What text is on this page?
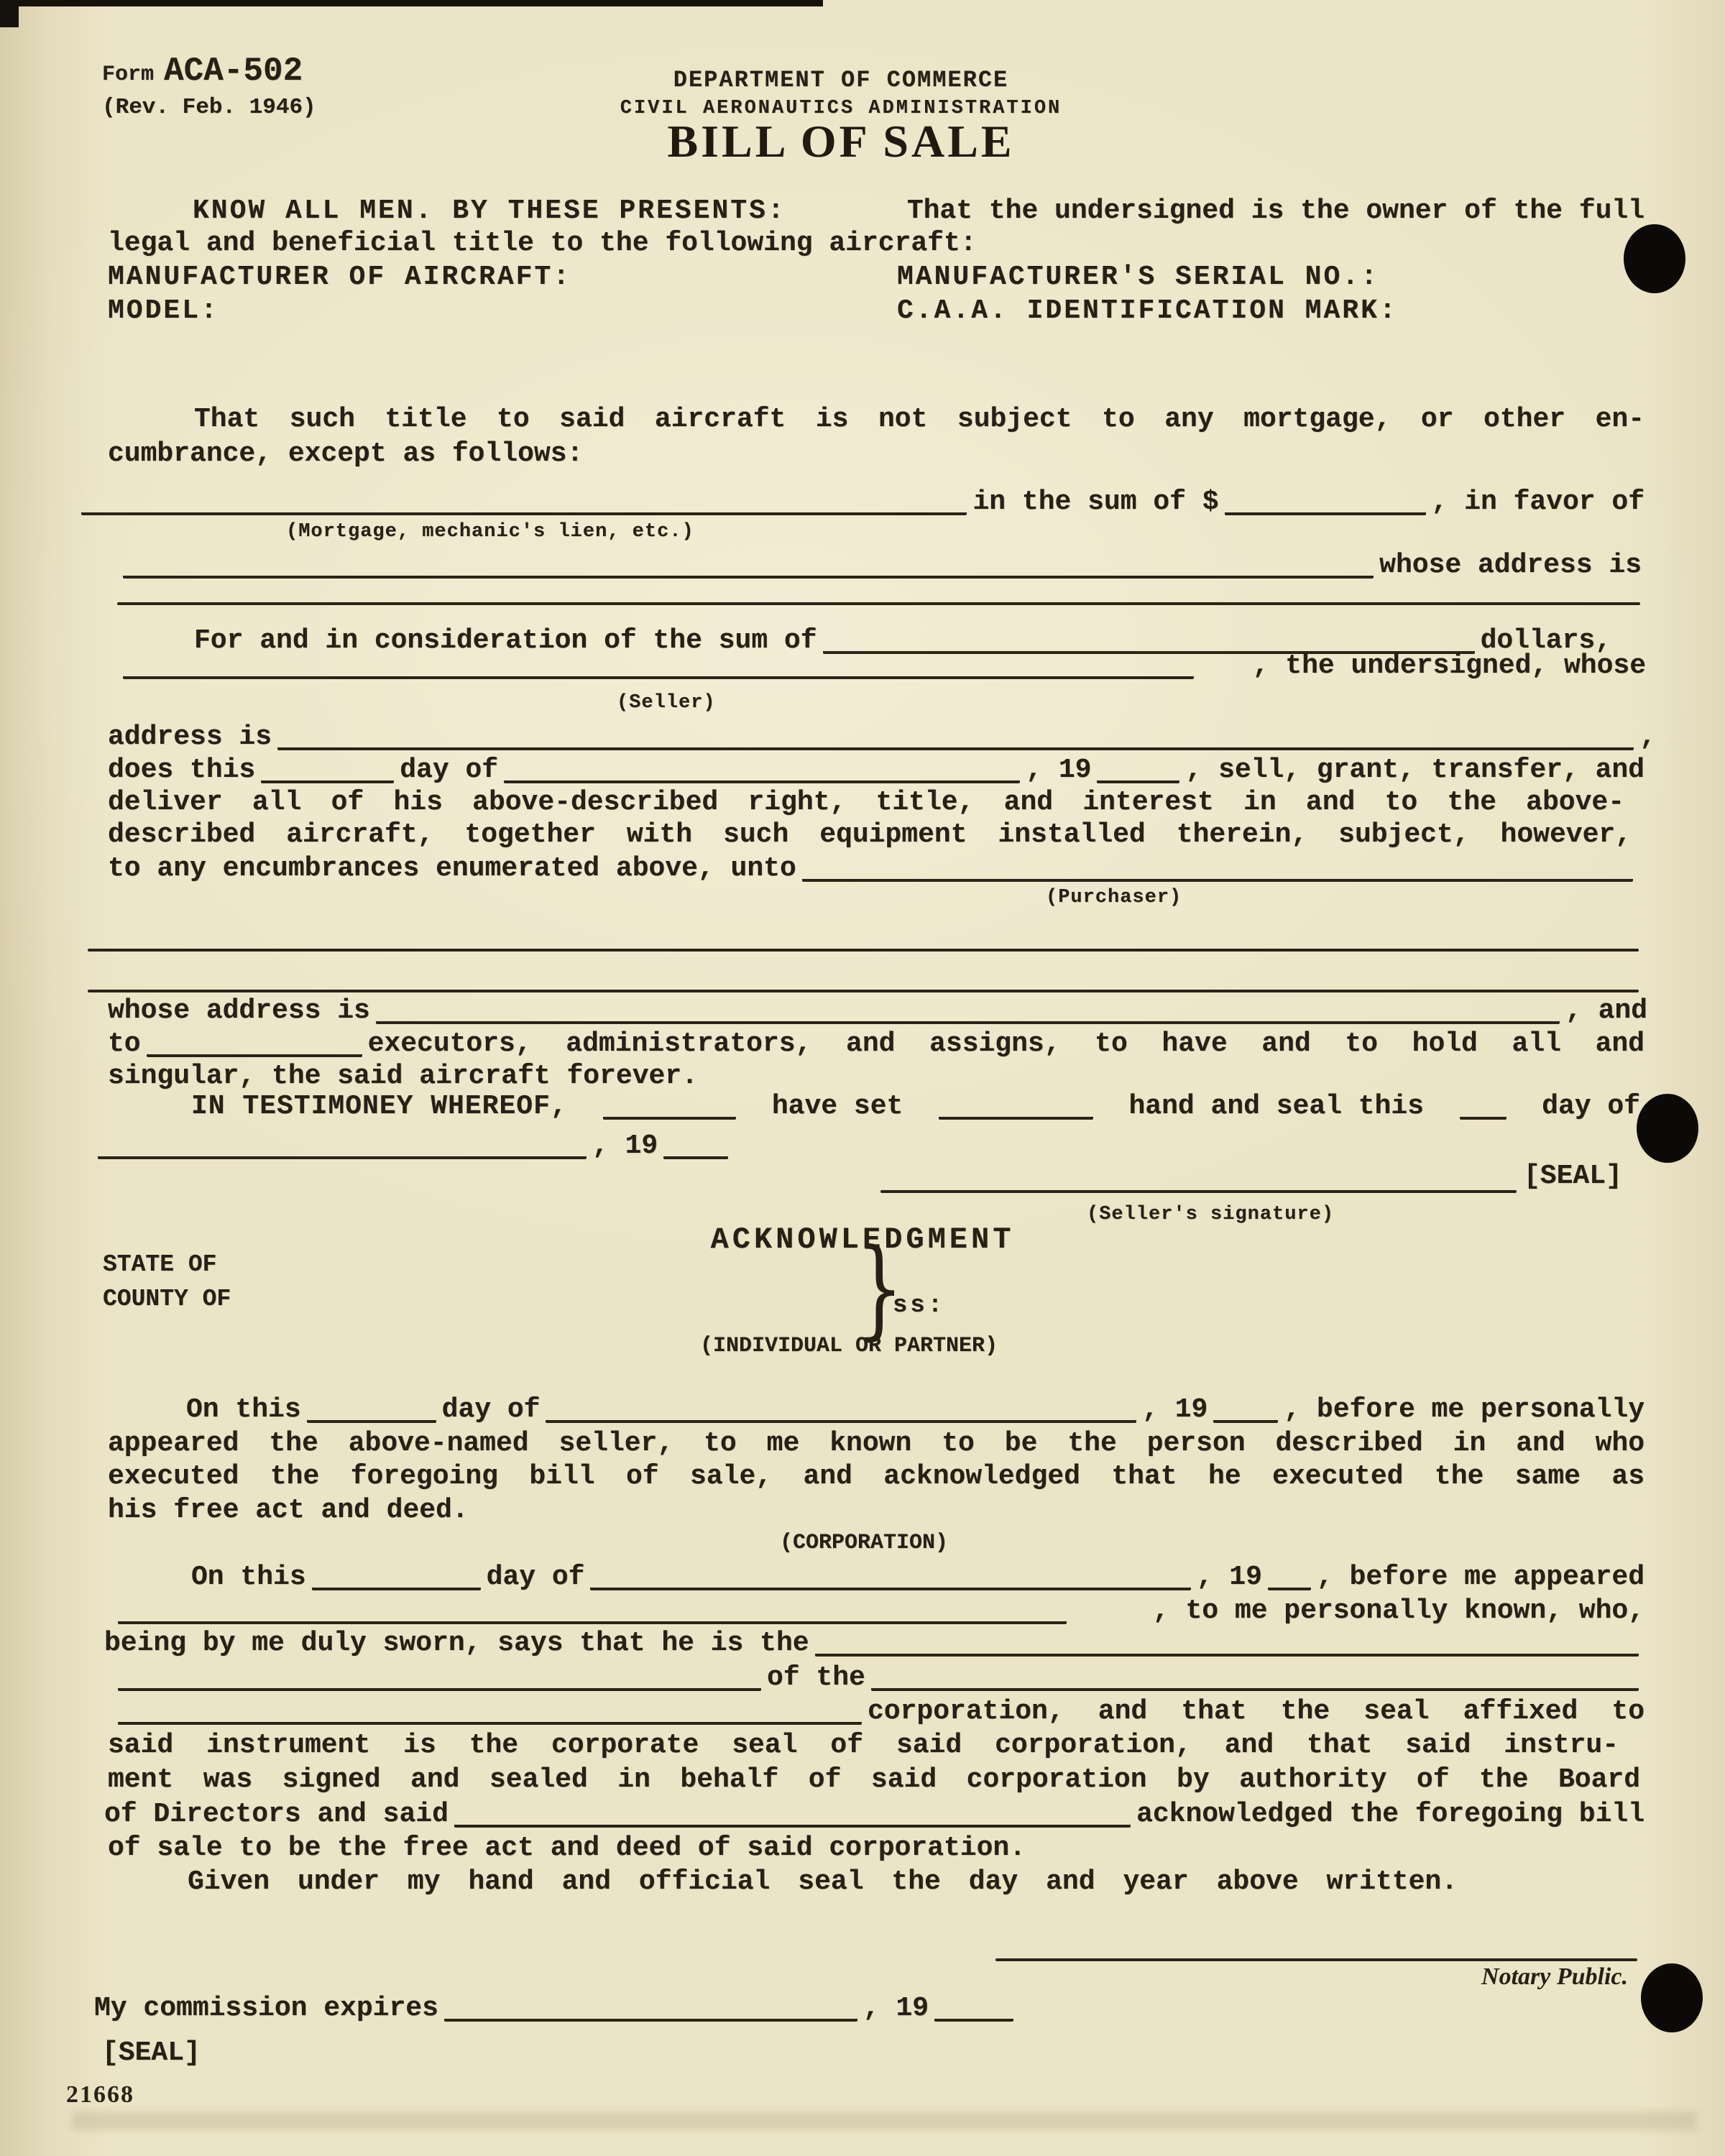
Form ACA-502
(Rev. Feb. 1946)
DEPARTMENT OF COMMERCE
CIVIL AERONAUTICS ADMINISTRATION
BILL OF SALE
KNOW ALL MEN. BY THESE PRESENTS:	That the undersigned is the owner of the full
legal and beneficial title to the following aircraft:
MANUFACTURER OF AIRCRAFT:	MANUFACTURER'S SERIAL NO.:
MODEL:	C.A.A. IDENTIFICATION MARK:
That such title to said aircraft is not subject to any mortgage, or other en-
cumbrance, except as follows:
in the sum of $	, in favor of
(Mortgage, mechanic's lien, etc.)
whose address is
For and in consideration of the sum of	dollars,
, the undersigned, whose
(Seller)
address is	,
does this	day of	, 19	, sell, grant, transfer, and
deliver all of his above-described right, title, and interest in and to the above-
described aircraft, together with such equipment installed therein, subject, however,
to any encumbrances enumerated above, unto
(Purchaser)
whose address is	, and
to	executors, administrators, and assigns, to have and to hold all and
singular, the said aircraft forever.
IN TESTIMONEY WHEREOF,	have set	hand and seal this	day of
, 19
[SEAL]
(Seller's signature)
ACKNOWLEDGMENT
STATE OF
COUNTY OF	}
ss:
(INDIVIDUAL OR PARTNER)
On this	day of	, 19	, before me personally
appeared the above-named seller, to me known to be the person described in and who
executed the foregoing bill of sale, and acknowledged that he executed the same as
his free act and deed.
(CORPORATION)
On this	day of	, 19 , before me appeared
, to me personally known, who,
being by me duly sworn, says that he is the
of the
corporation, and that the seal affixed to
said instrument is the corporate seal of said corporation, and that said instru-
ment was signed and sealed in behalf of said corporation by authority of the Board
of Directors and said	acknowledged the foregoing bill
of sale to be the free act and deed of said corporation.
Given under my hand and official seal the day and year above written.
Notary Public.
My commission expires	, 19
[SEAL]
21668
